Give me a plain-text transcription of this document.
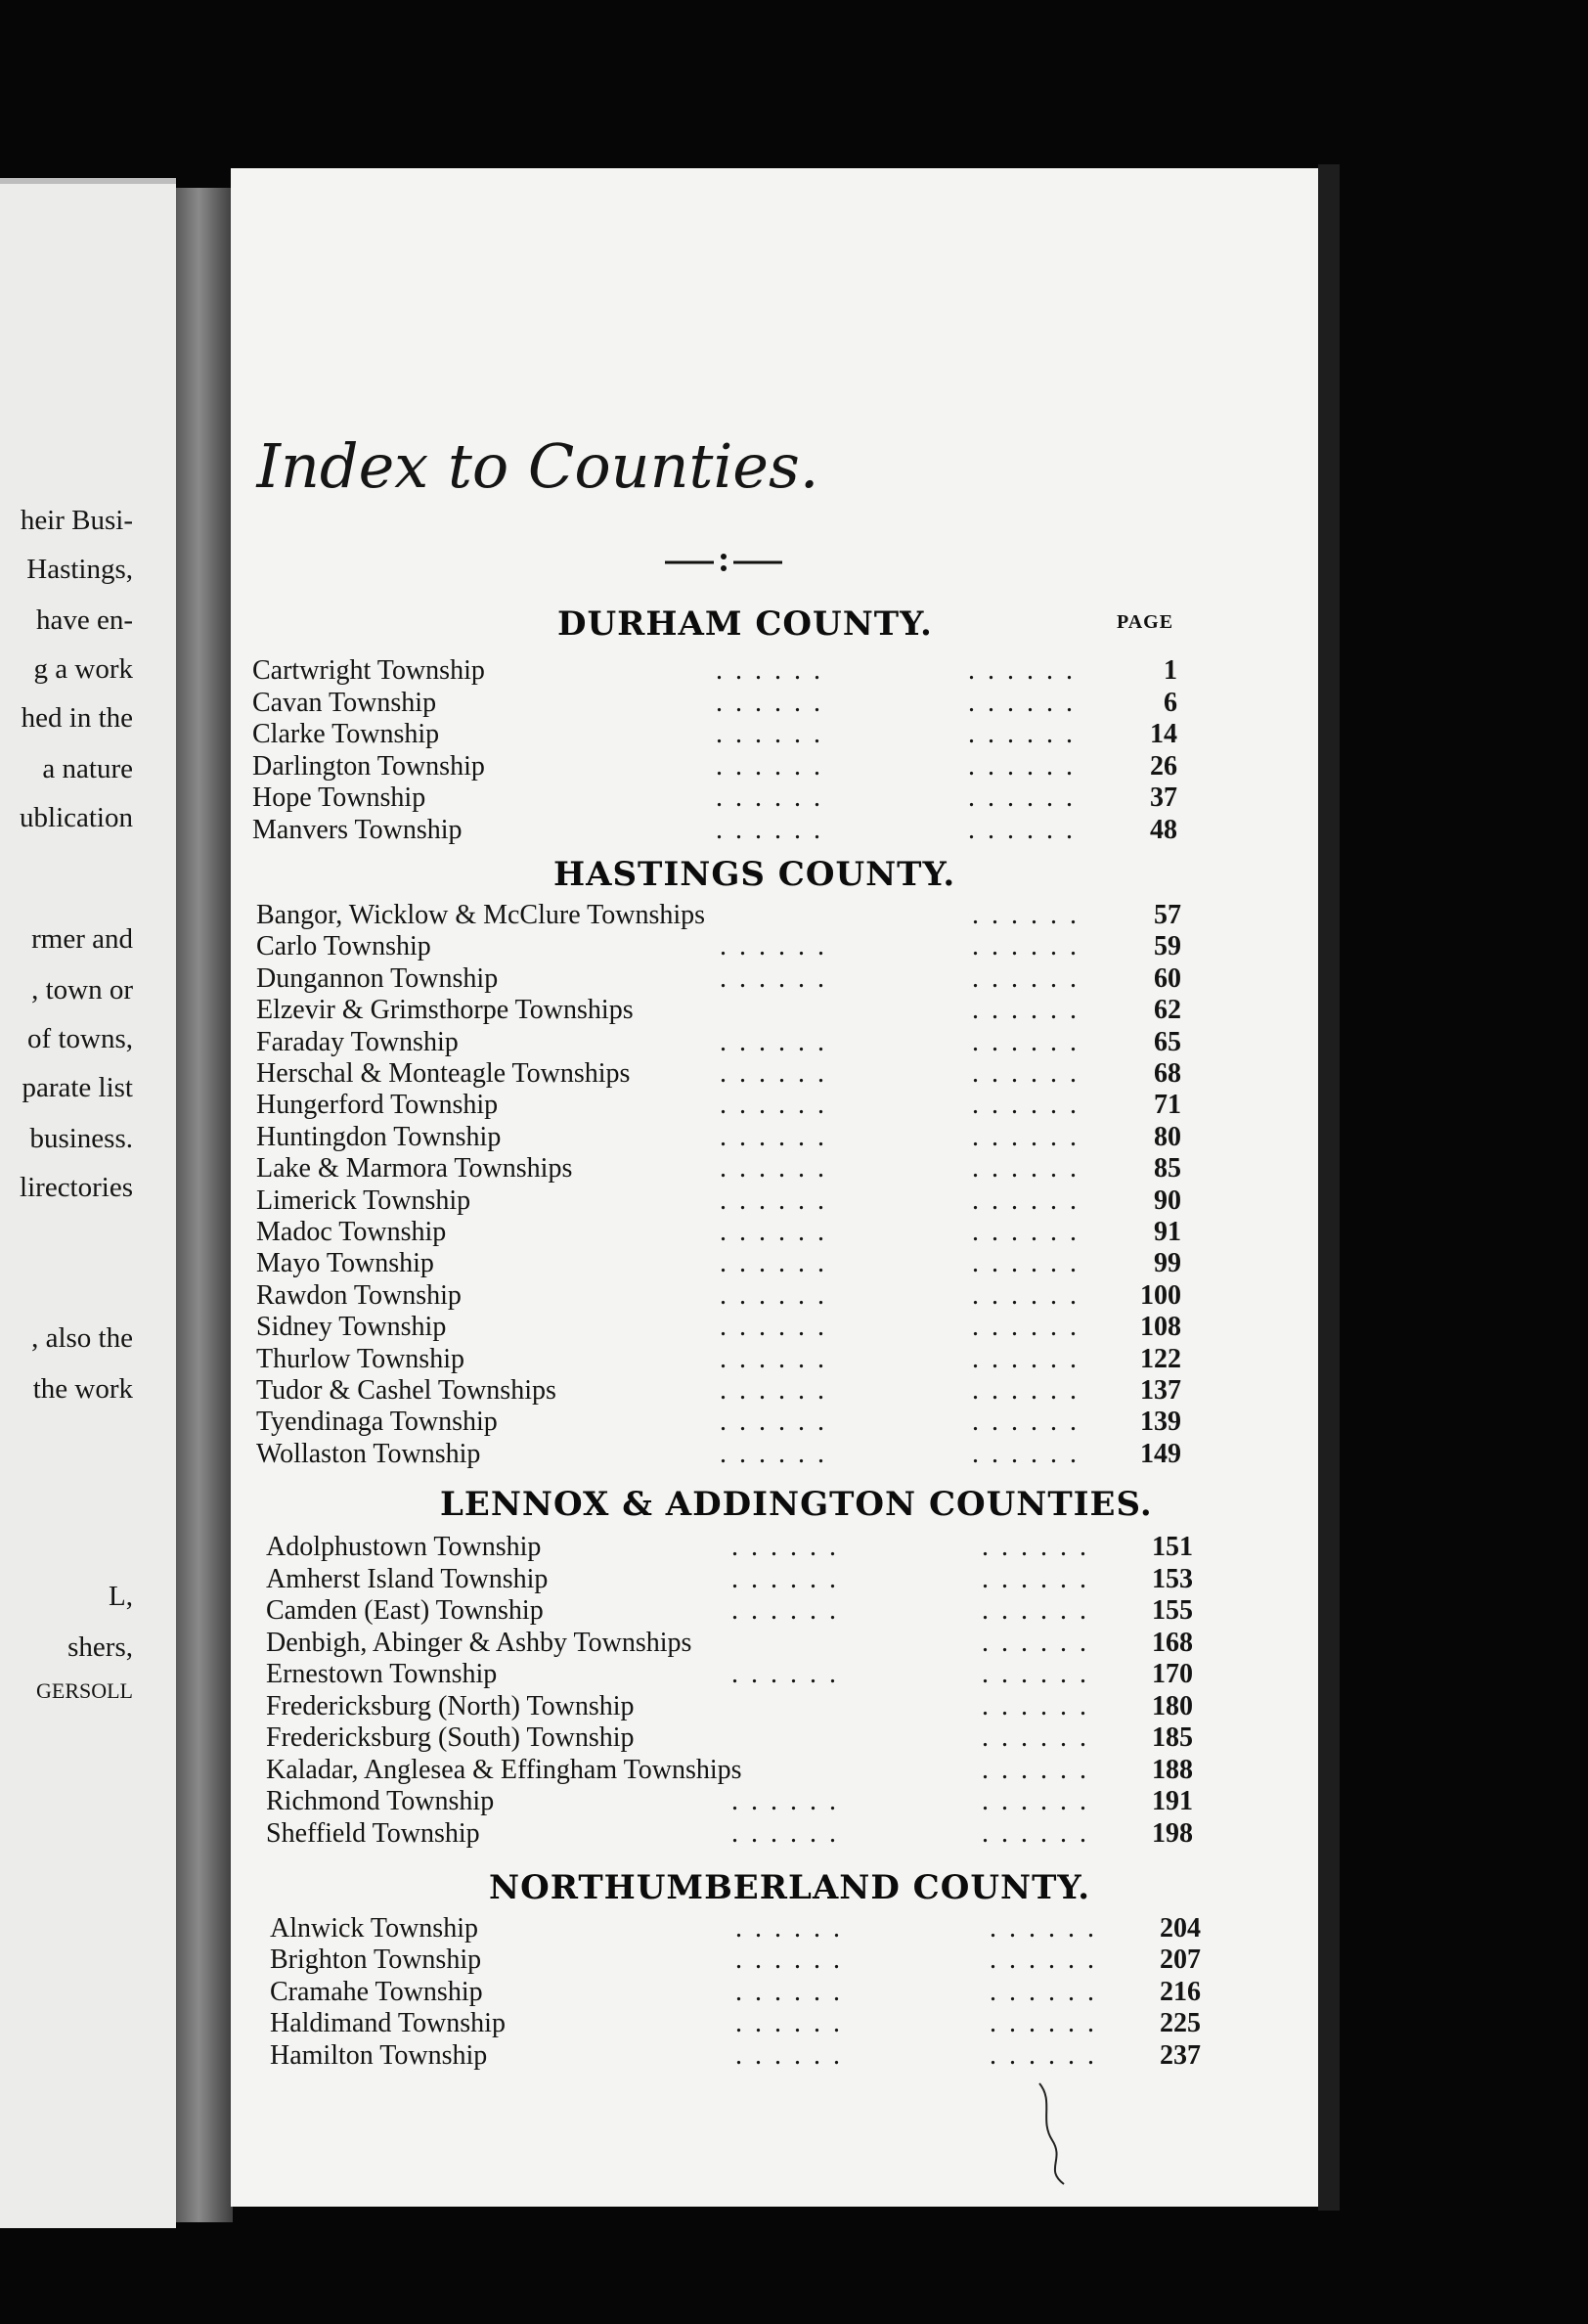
heir Busi-
Hastings,
have en-
g a work
hed in the
a nature
ublication
rmer and
, town or
of towns,
parate list
business.
lirectories
, also the
the work
L,
shers,
GERSOLL
Index to Counties.
PAGE
DURHAM COUNTY.
Cartwright Township	. . . . . .	. . . . . .	1
Cavan Township	. . . . . .	. . . . . .	6
Clarke Township	. . . . . .	. . . . . .	14
Darlington Township	. . . . . .	. . . . . .	26
Hope Township	. . . . . .	. . . . . .	37
Manvers Township	. . . . . .	. . . . . .	48
HASTINGS COUNTY.
Bangor, Wicklow & McClure Townships	. . . . . .	57
Carlo Township	. . . . . .	. . . . . .	59
Dungannon Township	. . . . . .	. . . . . .	60
Elzevir & Grimsthorpe Townships	. . . . . .	62
Faraday Township	. . . . . .	. . . . . .	65
Herschal & Monteagle Townships	. . . . . .	. . . . . .	68
Hungerford Township	. . . . . .	. . . . . .	71
Huntingdon Township	. . . . . .	. . . . . .	80
Lake & Marmora Townships	. . . . . .	. . . . . .	85
Limerick Township	. . . . . .	. . . . . .	90
Madoc Township	. . . . . .	. . . . . .	91
Mayo Township	. . . . . .	. . . . . .	99
Rawdon Township	. . . . . .	. . . . . .	100
Sidney Township	. . . . . .	. . . . . .	108
Thurlow Township	. . . . . .	. . . . . .	122
Tudor & Cashel Townships	. . . . . .	. . . . . .	137
Tyendinaga Township	. . . . . .	. . . . . .	139
Wollaston Township	. . . . . .	. . . . . .	149
LENNOX & ADDINGTON COUNTIES.
Adolphustown Township	. . . . . .	. . . . . .	151
Amherst Island Township	. . . . . .	. . . . . .	153
Camden (East) Township	. . . . . .	. . . . . .	155
Denbigh, Abinger & Ashby Townships	. . . . . .	168
Ernestown Township	. . . . . .	. . . . . .	170
Fredericksburg (North) Township	. . . . . .	180
Fredericksburg (South) Township	. . . . . .	185
Kaladar, Anglesea & Effingham Townships	. . . . . .	188
Richmond Township	. . . . . .	. . . . . .	191
Sheffield Township	. . . . . .	. . . . . .	198
NORTHUMBERLAND COUNTY.
Alnwick Township	. . . . . .	. . . . . .	204
Brighton Township	. . . . . .	. . . . . .	207
Cramahe Township	. . . . . .	. . . . . .	216
Haldimand Township	. . . . . .	. . . . . .	225
Hamilton Township	. . . . . .	. . . . . .	237
